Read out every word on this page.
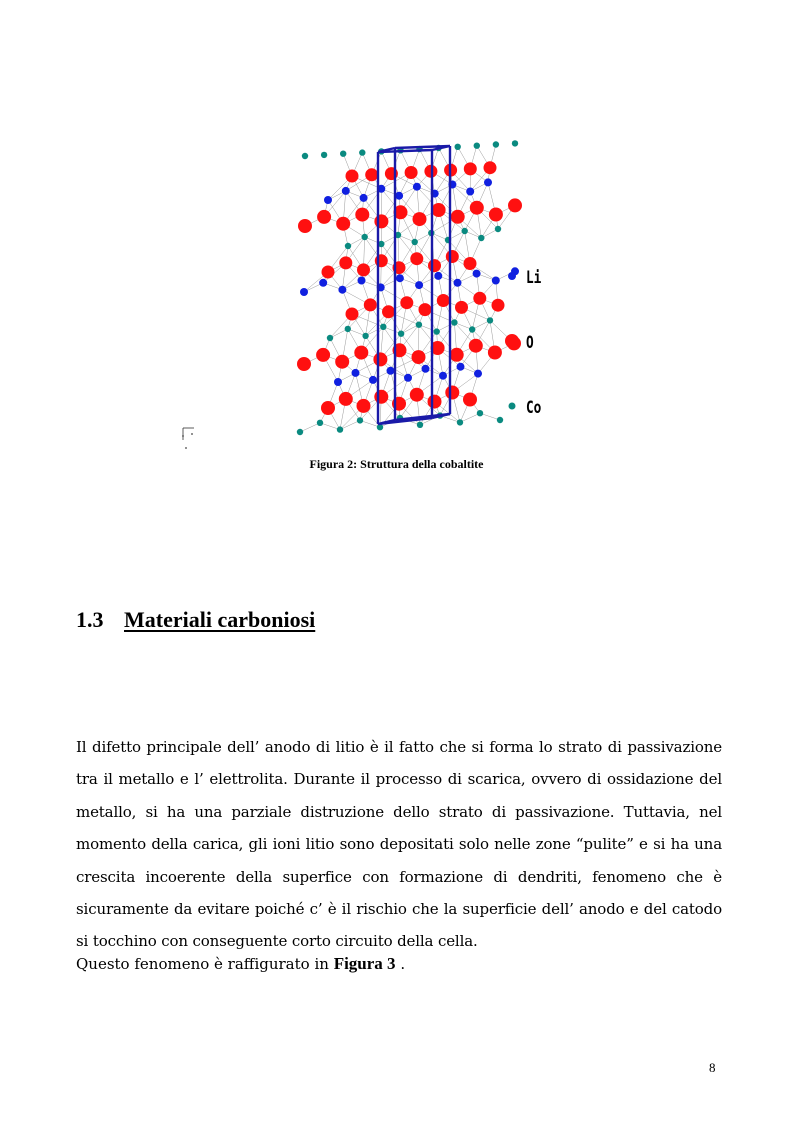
Li
O
Co
Figura 2: Struttura della cobaltite
1.3 Materiali carboniosi

Il difetto principale dell’ anodo di litio è il fatto che si forma lo strato di passivazione tra il metallo e l’ elettrolita. Durante il processo di scarica, ovvero di ossidazione del metallo, si ha una parziale distruzione dello strato di passivazione. Tuttavia, nel momento della carica, gli ioni litio sono depositati solo nelle zone “pulite” e si ha una crescita incoerente della superfice con formazione di dendriti, fenomeno che è sicuramente da evitare poiché c’ è il rischio che la superficie dell’ anodo e del catodo si tocchino con conseguente corto circuito della cella.

Questo fenomeno è raffigurato in Figura 3 .
8
